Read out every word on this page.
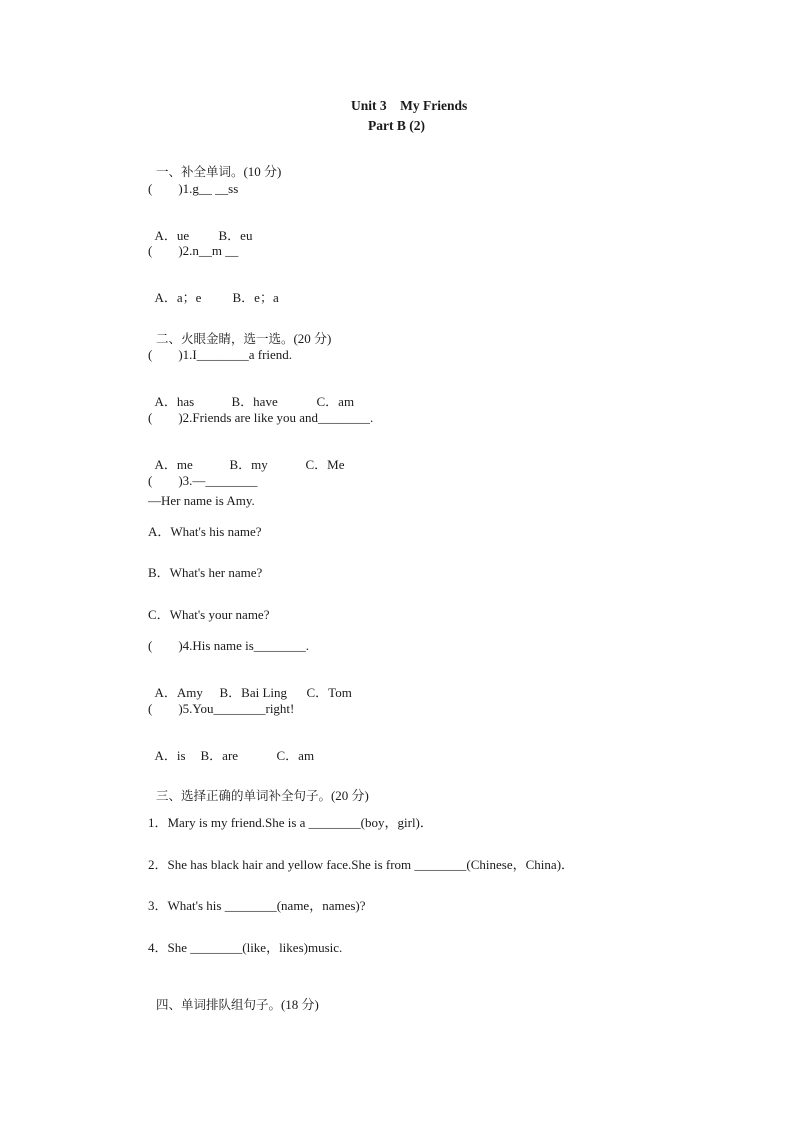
Unit 3    My Friends
Part B (2)

一、补全单词。(10 分)

(        )1.g__ __ss

A．ue B．eu

(        )2.n__m __

A．a；e B．e；a

二、火眼金睛，选一选。(20 分)

(        )1.I________a friend.

A．has	B．have	C．am

(        )2.Friends are like you and________.

A．me	B．my	C．Me

(        )3.—________
—Her name is Amy.
A．What's his name?
B．What's her name?
C．What's your name?
(        )4.His name is________.

A．Amy B．Bai Ling C．Tom

(        )5.You________right!

A．is B．are	C．am

三、选择正确的单词补全句子。(20 分)

1．Mary is my friend.She is a ________(boy，girl)．
2．She has black hair and yellow face.She is from ________(Chinese，China)．
3．What's his ________(name，names)?
4．She ________(like，likes)music.

四、单词排队组句子。(18 分)
